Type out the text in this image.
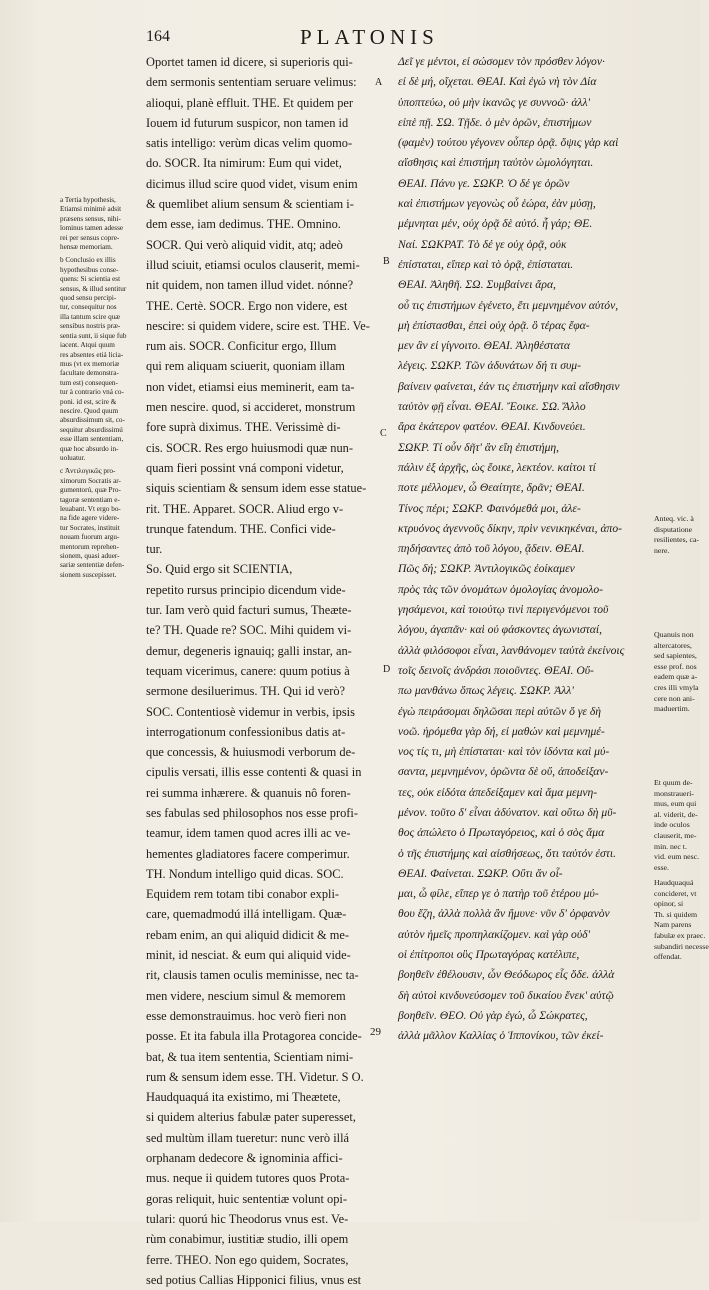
164	PLATONIS
a Tertia hypothesis,
Etiamsi minimè adsit
præsens sensus, nihi-
lominus tamen adesse
rei per sensus copre-
hensæ memoriam.
b Conclusio ex illis
hypothesibus conse-
quens: Si scientia est
sensus, & illud sentitur
quod sensu percipi-
tur, consequitur nos
illa tantum scire quæ
sensibus nostris præ-
sentia sunt, ii sique fub
iacent. Atqui quum
res absentes etiá licia-
mus (vt ex memoriæ
facultate demonstra-
tum est) consequen-
tur à contrario vná co-
poni. id est, scire &
nescire. Quod quum
absurdissimum sit, co-
sequitur absurdissimú
esse illam sententiam,
quæ hoc absurdo in-
uoluatur.
c Ἀντιλογικῶς pro-
ximorum Socratis ar-
gumentorú, quæ Pro-
tagoræ sententiam e-
leuabant. Vt ergo bo-
na fide agere videre-
tur Socrates, instituit
nouam fuorum argu-
mentorum reprehen-
sionem, quasi aduer-
sariæ sententiæ defen-
sionem suscepisset.
Oportet tamen id dicere, si superioris qui-
dem sermonis sententiam seruare velimus:
alioqui, planè effluit. THE. Et quidem per
Iouem id futurum suspicor, non tamen id
satis intelligo: verùm dicas velim quomo-
do. SOCR. Ita nimirum: Eum qui videt,
dicimus illud scire quod videt, visum enim
& quemlibet alium sensum & scientiam i-
dem esse, iam dedimus. THE. Omnino.
SOCR. Qui verò aliquid vidit, atq; adeò
illud sciuit, etiamsi oculos clauserit, memi-
nit quidem, non tamen illud videt. nónne?
THE. Certè. SOCR. Ergo non videre, est
nescire: si quidem videre, scire est. THE. Ve-
rum ais. SOCR. Conficitur ergo, Illum
qui rem aliquam sciuerit, quoniam illam
non videt, etiamsi eius meminerit, eam ta-
men nescire. quod, si accideret, monstrum
fore suprà diximus. THE. Verissimè di-
cis. SOCR. Res ergo huiusmodi quæ nun-
quam fieri possint vná componi videtur,
siquis scientiam & sensum idem esse statue-
rit. THE. Apparet. SOCR. Aliud ergo v-
trunque fatendum. THE. Confici vide-
tur.
So. Quid ergo sit SCIENTIA,
repetito rursus principio dicendum vide-
tur. Iam verò quid facturi sumus, Theæte-
te? TH. Quade re? SOC. Mihi quidem vi-
demur, degeneris ignauiq; galli instar, an-
tequam vicerimus, canere: quum potius à
sermone desiluerimus. TH. Qui id verò?
SOC. Contentiosè videmur in verbis, ipsis
interrogationum confessionibus datis at-
que concessis, & huiusmodi verborum de-
cipulis versati, illis esse contenti & quasi in
rei summa inhærere. & quanuis nô foren-
ses fabulas sed philosophos nos esse profi-
teamur, idem tamen quod acres illi ac ve-
hementes gladiatores facere comperimur.
TH. Nondum intelligo quid dicas. SOC.
Equidem rem totam tibi conabor expli-
care, quemadmodú illá intelligam. Quæ-
rebam enim, an qui aliquid didicit & me-
minit, id nesciat. & eum qui aliquid vide-
rit, clausis tamen oculis meminisse, nec ta-
men videre, nescium simul & memorem
esse demonstrauimus. hoc verò fieri non
posse. Et ita fabula illa Protagorea concide-
bat, & tua item sententia, Scientiam nimi-
rum & sensum idem esse. TH. Videtur. S O.
Haudquaquá ita existimo, mi Theætete,
si quidem alterius fabulæ pater superesset,
sed multùm illam tueretur: nunc verò illá
orphanam dedecore & ignominia affici-
mus. neque ii quidem tutores quos Prota-
goras reliquit, huic sententiæ volunt opi-
tulari: quorú hic Theodorus vnus est. Ve-
rùm conabimur, iustitiæ studio, illi opem
ferre. THEO. Non ego quidem, Socrates,
sed potius Callias Hipponici filius, vnus est
A
B
C
D
29
Δεῖ γε μέντοι, εἰ σώσομεν τὸν πρόσθεν λόγον·
εἰ δὲ μή, οἴχεται. ΘΕΑΙ. Καὶ ἐγώ νὴ τὸν Δία
ὑποπτεύω, οὐ μὴν ἱκανῶς γε συννοῶ· ἀλλ'
εἰπὲ πῇ. ΣΩ. Τῇδε. ὁ μὲν ὁρῶν, ἐπιστήμων
(φαμὲν) τούτου γέγονεν οὗπερ ὁρᾷ. ὄψις γὰρ καὶ
αἴσθησις καὶ ἐπιστήμη ταὐτὸν ὡμολόγηται.
ΘΕΑΙ. Πάνυ γε. ΣΩΚΡ. Ὁ δέ γε ὁρῶν
καὶ ἐπιστήμων γεγονὼς οὗ ἑώρα, ἐὰν μύσῃ,
μέμνηται μέν, οὐχ ὁρᾷ δὲ αὐτό. ἦ γάρ; ΘΕ.
Ναί. ΣΩΚΡΑΤ. Τὸ δέ γε οὐχ ὁρᾷ, οὐκ
ἐπίσταται, εἴπερ καὶ τὸ ὁρᾷ, ἐπίσταται.
ΘΕΑΙ. Ἀληθῆ. ΣΩ. Συμβαίνει ἄρα,
οὗ τις ἐπιστήμων ἐγένετο, ἔτι μεμνημένον αὐτόν,
μὴ ἐπίστασθαι, ἐπεὶ οὐχ ὁρᾷ. ὃ τέρας ἔφα-
μεν ἂν εἰ γίγνοιτο. ΘΕΑΙ. Ἀληθέστατα
λέγεις. ΣΩΚΡ. Τῶν ἀδυνάτων δή τι συμ-
βαίνειν φαίνεται, ἐάν τις ἐπιστήμην καὶ αἴσθησιν
ταὐτὸν φῇ εἶναι. ΘΕΑΙ. Ἔοικε. ΣΩ. Ἄλλο
ἄρα ἑκάτερον φατέον. ΘΕΑΙ. Κινδυνεύει.
ΣΩΚΡ. Τί οὖν δῆτ' ἂν εἴη ἐπιστήμη,
πάλιν ἐξ ἀρχῆς, ὡς ἔοικε, λεκτέον. καίτοι τί
ποτε μέλλομεν, ὦ Θεαίτητε, δρᾶν; ΘΕΑΙ.
Τίνος πέρι; ΣΩΚΡ. Φαινόμεθά μοι, ἀλε-
κτρυόνος ἀγεννοῦς δίκην, πρὶν νενικηκέναι, ἀπο-
πηδήσαντες ἀπὸ τοῦ λόγου, ᾄδειν. ΘΕΑΙ.
Πῶς δή; ΣΩΚΡ. Ἀντιλογικῶς ἐοίκαμεν
πρὸς τὰς τῶν ὀνομάτων ὁμολογίας ἀνομολο-
γησάμενοι, καὶ τοιούτῳ τινὶ περιγενόμενοι τοῦ
λόγου, ἀγαπᾶν· καὶ οὐ φάσκοντες ἀγωνισταί,
ἀλλὰ φιλόσοφοι εἶναι, λανθάνομεν ταὐτὰ ἐκείνοις
τοῖς δεινοῖς ἀνδράσι ποιοῦντες. ΘΕΑΙ. Οὔ-
πω μανθάνω ὅπως λέγεις. ΣΩΚΡ. Ἀλλ'
ἐγὼ πειράσομαι δηλῶσαι περὶ αὐτῶν ὅ γε δὴ
νοῶ. ἠρόμεθα γὰρ δή, εἰ μαθών καὶ μεμνημέ-
νος τίς τι, μὴ ἐπίσταται· καὶ τὸν ἰδόντα καὶ μύ-
σαντα, μεμνημένον, ὁρῶντα δὲ οὔ, ἀποδείξαν-
τες, οὐκ εἰδότα ἀπεδείξαμεν καὶ ἅμα μεμνη-
μένον. τοῦτο δ' εἶναι ἀδύνατον. καὶ οὕτω δὴ μῦ-
θος ἀπώλετο ὁ Πρωταγόρειος, καὶ ὁ σὸς ἅμα
ὁ τῆς ἐπιστήμης καὶ αἰσθήσεως, ὅτι ταὐτόν ἐστι.
ΘΕΑΙ. Φαίνεται. ΣΩΚΡ. Οὔτι ἄν οἶ-
μαι, ὦ φίλε, εἴπερ γε ὁ πατὴρ τοῦ ἑτέρου μύ-
θου ἔζη, ἀλλὰ πολλὰ ἂν ἤμυνε· νῦν δ' ὀρφανὸν
αὐτὸν ἡμεῖς προπηλακίζομεν. καὶ γὰρ οὐδ'
οἱ ἐπίτροποι οὓς Πρωταγόρας κατέλιπε,
βοηθεῖν ἐθέλουσιν, ὧν Θεόδωρος εἷς ὅδε. ἀλλὰ
δὴ αὐτοὶ κινδυνεύσομεν τοῦ δικαίου ἕνεκ' αὐτῷ
βοηθεῖν. ΘΕΟ. Οὐ γὰρ ἐγώ, ὦ Σώκρατες,
ἀλλὰ μᾶλλον Καλλίας ὁ Ἱππονίκου, τῶν ἐκεί-
Anteq. vic. à
disputatione
resilientes, ca-
nere.
Quanuis non
altercatores,
sed sapientes,
esse prof. nos
eadem quæ a-
cres illi vmyla
cere non ani-
maduertim.
Et quum de-
monstrauerí-
mus, eum qui
al. viderit, de-
inde oculos
clauserit, me-
min. nec t.
vid. eum nesc.
esse.
Haudquaquá
concideret, vt
opinor, si
Th. si quidem
Nam parens
fabulæ ex praec.
subandiri necesse
offendat.
